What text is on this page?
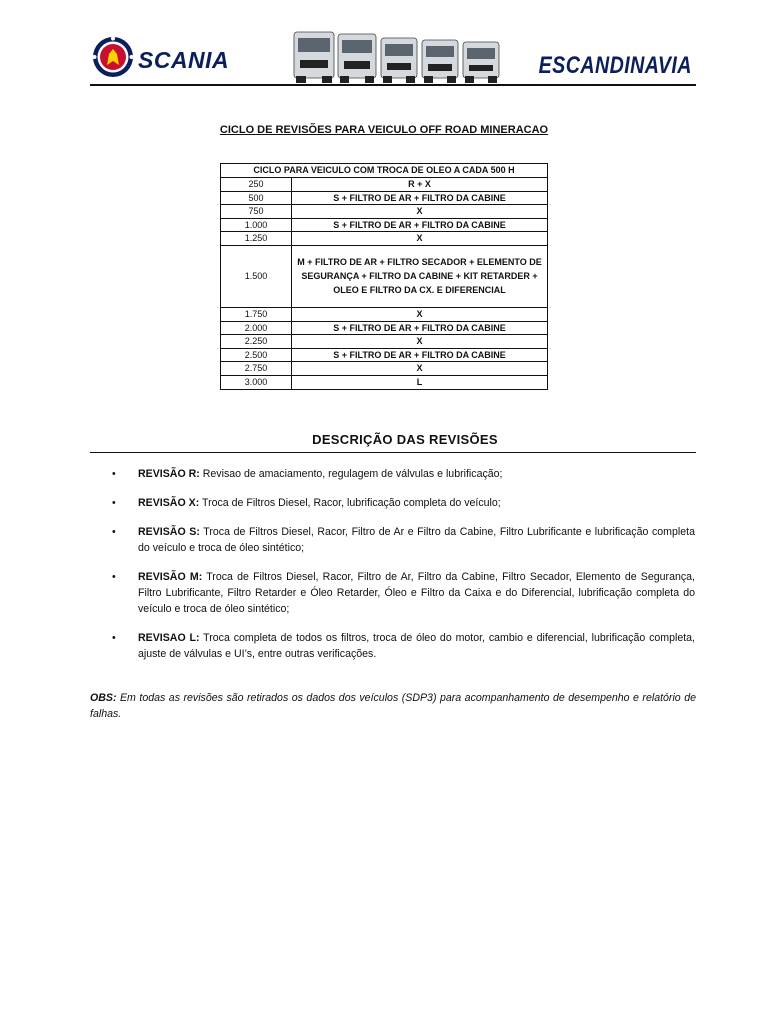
SCANIA	ESCANDINAVIA
CICLO DE REVISÕES PARA VEICULO OFF ROAD MINERACAO
CICLO PARA VEICULO COM TROCA DE OLEO A CADA 500 H	
250	R + X
500	S + FILTRO DE AR + FILTRO DA CABINE
750	X
1.000	S + FILTRO DE AR + FILTRO DA CABINE
1.250	X
1.500	M + FILTRO DE AR + FILTRO SECADOR + ELEMENTO DE SEGURANÇA + FILTRO DA CABINE + KIT RETARDER + OLEO E FILTRO DA CX. E DIFERENCIAL
1.750	X
2.000	S + FILTRO DE AR + FILTRO DA CABINE
2.250	X
2.500	S + FILTRO DE AR + FILTRO DA CABINE
2.750	X
3.000	L
DESCRIÇÃO DAS REVISÕES
• REVISÃO R: Revisao de amaciamento, regulagem de válvulas e lubrificação;
• REVISÃO X: Troca de Filtros Diesel, Racor, lubrificação completa do veículo;
• REVISÃO S: Troca de Filtros Diesel, Racor, Filtro de Ar e Filtro da Cabine, Filtro Lubrificante e lubrificação completa do veículo e troca de óleo sintético;
• REVISÃO M: Troca de Filtros Diesel, Racor, Filtro de Ar, Filtro da Cabine, Filtro Secador, Elemento de Segurança, Filtro Lubrificante, Filtro Retarder e Óleo Retarder, Óleo e Filtro da Caixa e do Diferencial, lubrificação completa do veículo e troca de óleo sintético;
• REVISAO L: Troca completa de todos os filtros, troca de óleo do motor, cambio e diferencial, lubrificação completa, ajuste de válvulas e UI’s, entre outras verificações.
OBS: Em todas as revisões são retirados os dados dos veículos (SDP3) para acompanhamento de desempenho e relatório de falhas.
